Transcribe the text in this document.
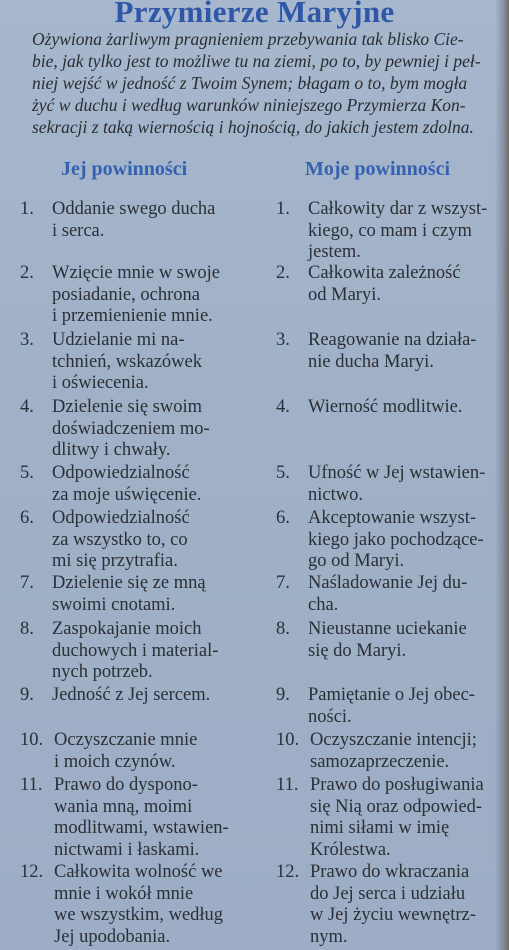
Przymierze Maryjne
Ożywiona żarliwym pragnieniem przebywania tak blisko Cie-
bie, jak tylko jest to możliwe tu na ziemi, po to, by pewniej i peł-
niej wejść w jedność z Twoim Synem; błagam o to, bym mogła
żyć w duchu i według warunków niniejszego Przymierza Kon-
sekracji z taką wiernością i hojnością, do jakich jestem zdolna.
Jej powinności	Moje powinności
1. Oddanie swego ducha
i serca.
2. Wzięcie mnie w swoje
posiadanie, ochrona
i przemienienie mnie.
3. Udzielanie mi na-
tchnień, wskazówek
i oświecenia.
4. Dzielenie się swoim
doświadczeniem mo-
dlitwy i chwały.
5. Odpowiedzialność
za moje uświęcenie.
6. Odpowiedzialność
za wszystko to, co
mi się przytrafia.
7. Dzielenie się ze mną
swoimi cnotami.
8. Zaspokajanie moich
duchowych i material-
nych potrzeb.
9. Jedność z Jej sercem.
10. Oczyszczanie mnie
i moich czynów.
11. Prawo do dyspono-
wania mną, moimi
modlitwami, wstawien-
nictwami i łaskami.
12. Całkowita wolność we
mnie i wokół mnie
we wszystkim, według
Jej upodobania.
1. Całkowity dar z wszyst-
kiego, co mam i czym
jestem.
2. Całkowita zależność
od Maryi.
3. Reagowanie na działa-
nie ducha Maryi.
4. Wierność modlitwie.
5. Ufność w Jej wstawien-
nictwo.
6. Akceptowanie wszyst-
kiego jako pochodzące-
go od Maryi.
7. Naśladowanie Jej du-
cha.
8. Nieustanne uciekanie
się do Maryi.
9. Pamiętanie o Jej obec-
ności.
10. Oczyszczanie intencji;
samozaprzeczenie.
11. Prawo do posługiwania
się Nią oraz odpowied-
nimi siłami w imię
Królestwa.
12. Prawo do wkraczania
do Jej serca i udziału
w Jej życiu wewnętrz-
nym.
